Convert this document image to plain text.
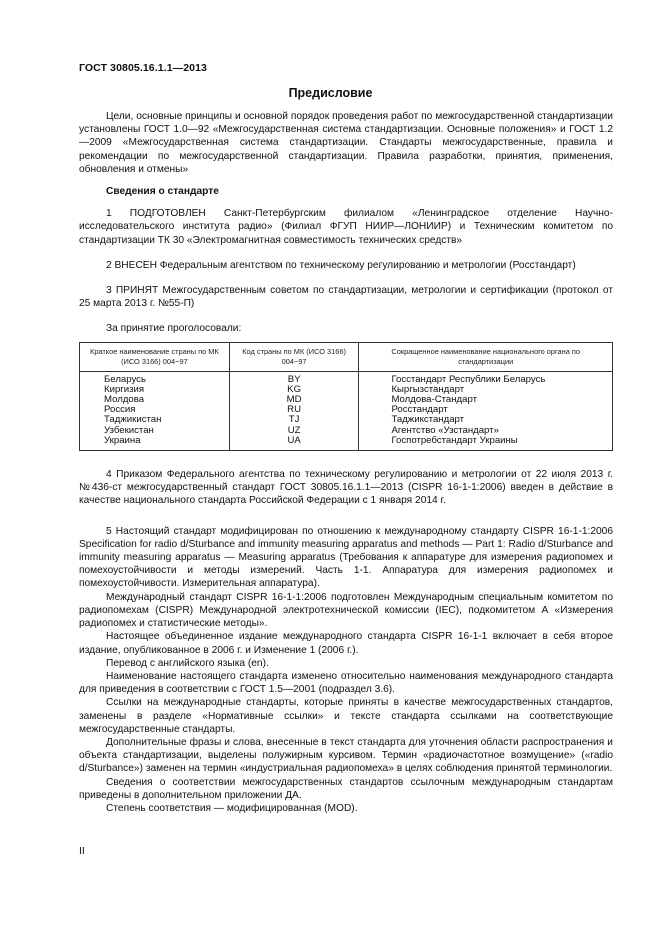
ГОСТ 30805.16.1.1—2013
Предисловие

Цели, основные принципы и основной порядок проведения работ по межгосударственной стандартизации установлены ГОСТ 1.0—92 «Межгосударственная система стандартизации. Основные положения» и ГОСТ 1.2—2009 «Межгосударственная система стандартизации. Стандарты межгосударственные, правила и рекомендации по межгосударственной стандартизации. Правила разработки, принятия, применения, обновления и отмены»

Сведения о стандарте

1 ПОДГОТОВЛЕН Санкт-Петербургским филиалом «Ленинградское отделение Научно-исследовательского института радио» (Филиал ФГУП НИИР—ЛОНИИР) и Техническим комитетом по стандартизации ТК 30 «Электромагнитная совместимость технических средств»

2 ВНЕСЕН Федеральным агентством по техническому регулированию и метрологии (Росстандарт)

3 ПРИНЯТ Межгосударственным советом по стандартизации, метрологии и сертификации (протокол от 25 марта 2013 г. №55-П)

За принятие проголосовали:

Краткое наименование страны по МК (ИСО 3166) 004−97	Код страны по МК (ИСО 3166) 004−97	Сокращенное наименование национального органа по стандартизации
Беларусь	BY	Госстандарт Республики Беларусь
Киргизия	KG	Кыргызстандарт
Молдова	MD	Молдова-Стандарт
Россия	RU	Росстандарт
Таджикистан	TJ	Таджикстандарт
Узбекистан	UZ	Агентство «Узстандарт»
Украина	UA	Госпотребстандарт Украины

4 Приказом Федерального агентства по техническому регулированию и метрологии от 22 июля 2013 г. №436-ст межгосударственный стандарт ГОСТ 30805.16.1.1—2013 (CISPR 16-1-1:2006) введен в действие в качестве национального стандарта Российской Федерации с 1 января 2014 г.

5 Настоящий стандарт модифицирован по отношению к международному стандарту CISPR 16-1-1:2006 Specification for radio d/Sturbance and immunity measuring apparatus and methods — Part 1: Radio d/Sturbance and immunity measuring apparatus — Measuring apparatus (Требования к аппаратуре для измерения радиопомех и помехоустойчивости и методы измерений. Часть 1-1. Аппаратура для измерения радиопомех и помехоустойчивости. Измерительная аппаратура).

Международный стандарт CISPR 16-1-1:2006 подготовлен Международным специальным комитетом по радиопомехам (CISPR) Международной электротехнической комиссии (IEC), подкомитетом А «Измерения радиопомех и статистические методы».

Настоящее объединенное издание международного стандарта CISPR 16-1-1 включает в себя второе издание, опубликованное в 2006 г. и Изменение 1 (2006 г.).

Перевод с английского языка (en).

Наименование настоящего стандарта изменено относительно наименования международного стандарта для приведения в соответствии с ГОСТ 1.5—2001 (подраздел 3.6).

Ссылки на международные стандарты, которые приняты в качестве межгосударственных стандартов, заменены в разделе «Нормативные ссылки» и тексте стандарта ссылками на соответствующие межгосударственные стандарты.

Дополнительные фразы и слова, внесенные в текст стандарта для уточнения области распространения и объекта стандартизации, выделены полужирным курсивом. Термин «радиочастотное возмущение» («radio d/Sturbance») заменен на термин «индустриальная радиопомеха» в целях соблюдения принятой терминологии.

Сведения о соответствии межгосударственных стандартов ссылочным международным стандартам приведены в дополнительном приложении ДА.

Степень соответствия — модифицированная (MOD).

II
